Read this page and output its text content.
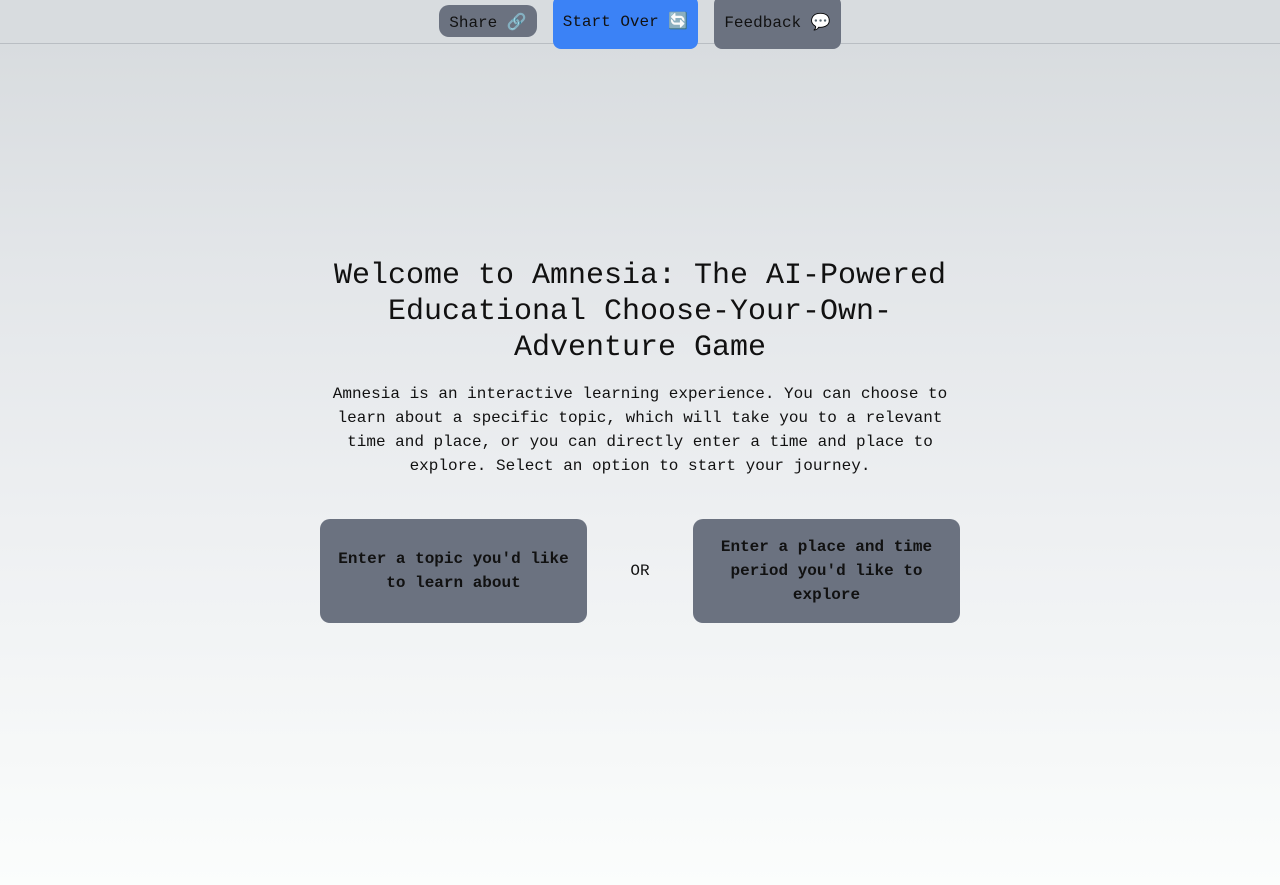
Share 🔗	Start Over 🔄	Feedback 💬
Welcome to Amnesia: The AI-Powered Educational Choose-Your-Own-Adventure Game

Amnesia is an interactive learning experience. You can choose to learn about a specific topic, which will take you to a relevant time and place, or you can directly enter a time and place to explore. Select an option to start your journey.

Enter a topic you'd like to learn about
OR
Enter a place and time period you'd like to explore
